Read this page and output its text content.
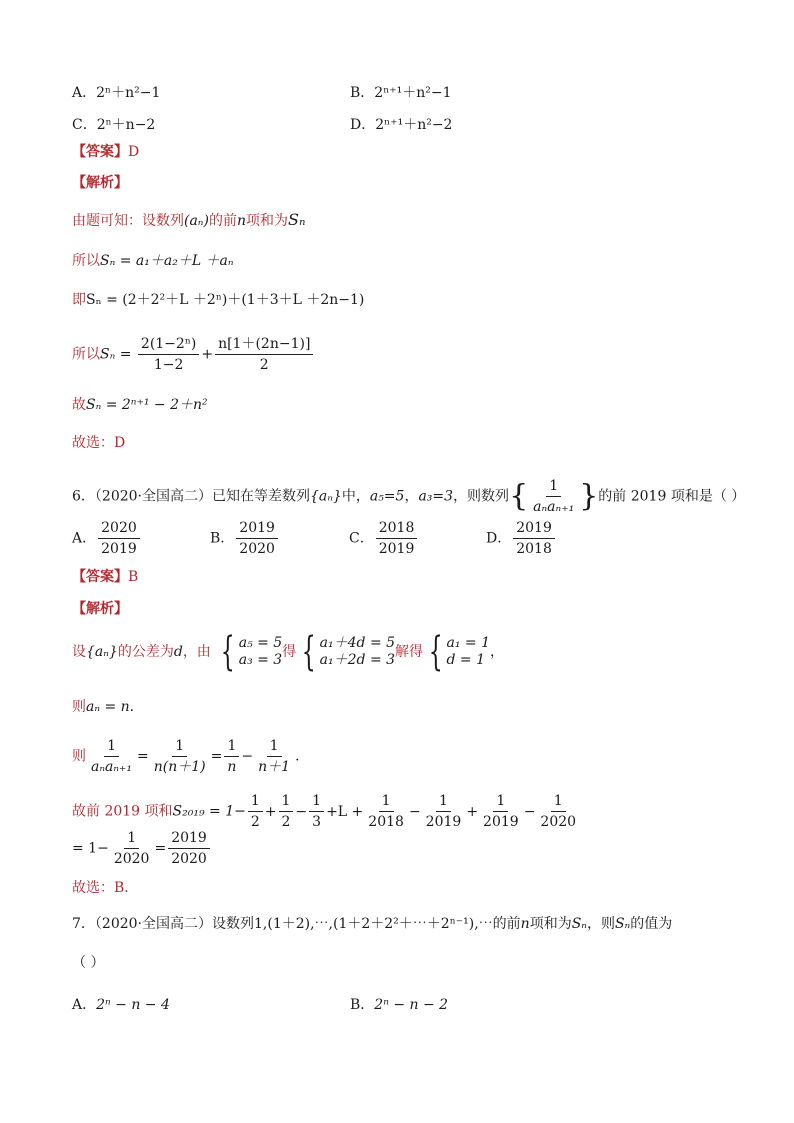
A．2ⁿ＋n²−1	B．2ⁿ⁺¹＋n²−1
C．2ⁿ＋n−2	D．2ⁿ⁺¹＋n²−2
【答案】D
【解析】
由题可知：设数列(aₙ)的前n项和为Sₙ
所以Sₙ = a₁＋a₂＋L ＋aₙ
即Sₙ = (2＋2²＋L ＋2ⁿ)＋(1＋3＋L ＋2n−1)
所以$S_n = \frac{\text{2(1−2ⁿ)}}{1-2} + \frac{n[1+(2n-1)]}{2}$
故Sₙ = 2ⁿ⁺¹ − 2＋n²
故选：D
6．（2020·全国高二）已知在等差数列{aₙ}中，a₅=5，a₃=3，则数列{ $\frac{1}{\text{aₙaₙ₊₁}}$ }的前 2019 项和是（ ）
A． $\frac{2020}{2019}$	B． $\frac{2019}{2020}$	C． $\frac{2018}{2019}$	D． $\frac{2019}{2018}$
【答案】B
【解析】
设{aₙ}的公差为d，由 { a₅ = 5
a₃ = 3 得 { a₁＋4d = 5
a₁＋2d = 3 解得 { a₁ = 1
d = 1 ，
则aₙ = n．
则 $\frac{1}{\text{aₙaₙ₊₁}} = \frac{1}{n(n+1)} = \frac{1}{n} - \frac{1}{n+1}$ ．
故前 2019 项和$S_{2019} = 1- \frac{1}{2} + \frac{1}{2} - \frac{1}{3} +L + \frac{1}{2018} - \frac{1}{2019} + \frac{1}{2019} - \frac{1}{2020}$
= $1- \frac{1}{2020} = \frac{2019}{2020}$
故选：B．
7．（2020·全国高二）设数列1,(1＋2),⋯,(1＋2＋2²＋⋯＋2ⁿ⁻¹),⋯的前n项和为Sₙ，则Sₙ的值为
（ ）
A．2ⁿ − n − 4	B．2ⁿ − n − 2
